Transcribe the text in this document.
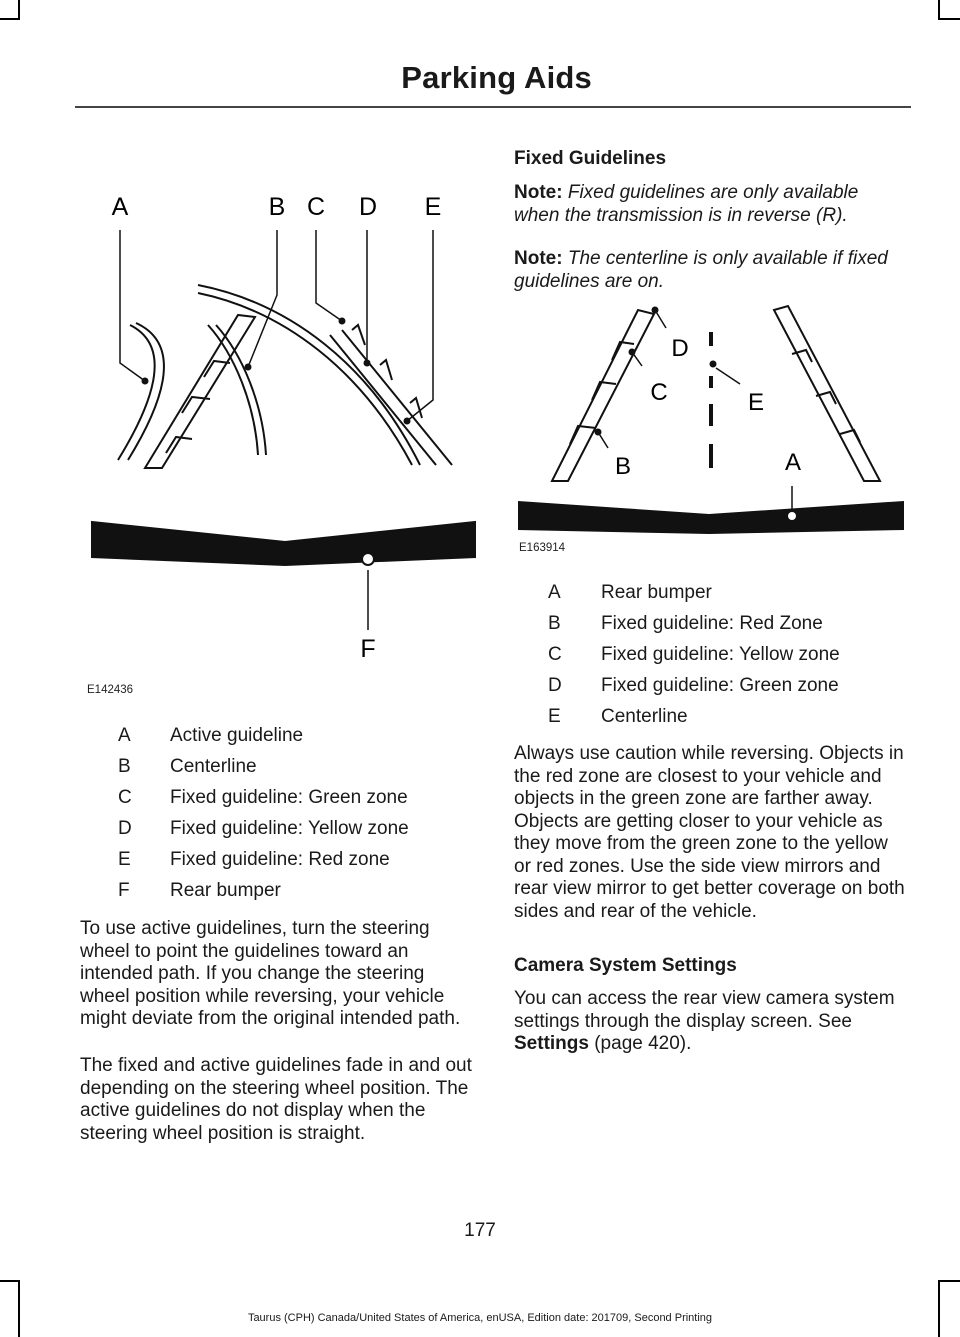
Parking Aids
A	B C D E
F
E142436
A Active guideline
B Centerline
C Fixed guideline: Green zone
D Fixed guideline: Yellow zone
E Fixed guideline: Red zone
F Rear bumper

To use active guidelines, turn the steering wheel to point the guidelines toward an intended path. If you change the steering wheel position while reversing, your vehicle might deviate from the original intended path.

The fixed and active guidelines fade in and out depending on the steering wheel position. The active guidelines do not display when the steering wheel position is straight.

Fixed Guidelines

Note: Fixed guidelines are only available when the transmission is in reverse (R).

Note: The centerline is only available if fixed guidelines are on.

D
C	E
B	A
E163914
A Rear bumper
B Fixed guideline: Red Zone
C Fixed guideline: Yellow zone
D Fixed guideline: Green zone
E Centerline

Always use caution while reversing. Objects in the red zone are closest to your vehicle and objects in the green zone are farther away. Objects are getting closer to your vehicle as they move from the green zone to the yellow or red zones. Use the side view mirrors and rear view mirror to get better coverage on both sides and rear of the vehicle.

Camera System Settings

You can access the rear view camera system settings through the display screen. See Settings (page 420).

177
Taurus (CPH) Canada/United States of America, enUSA, Edition date: 201709, Second Printing
